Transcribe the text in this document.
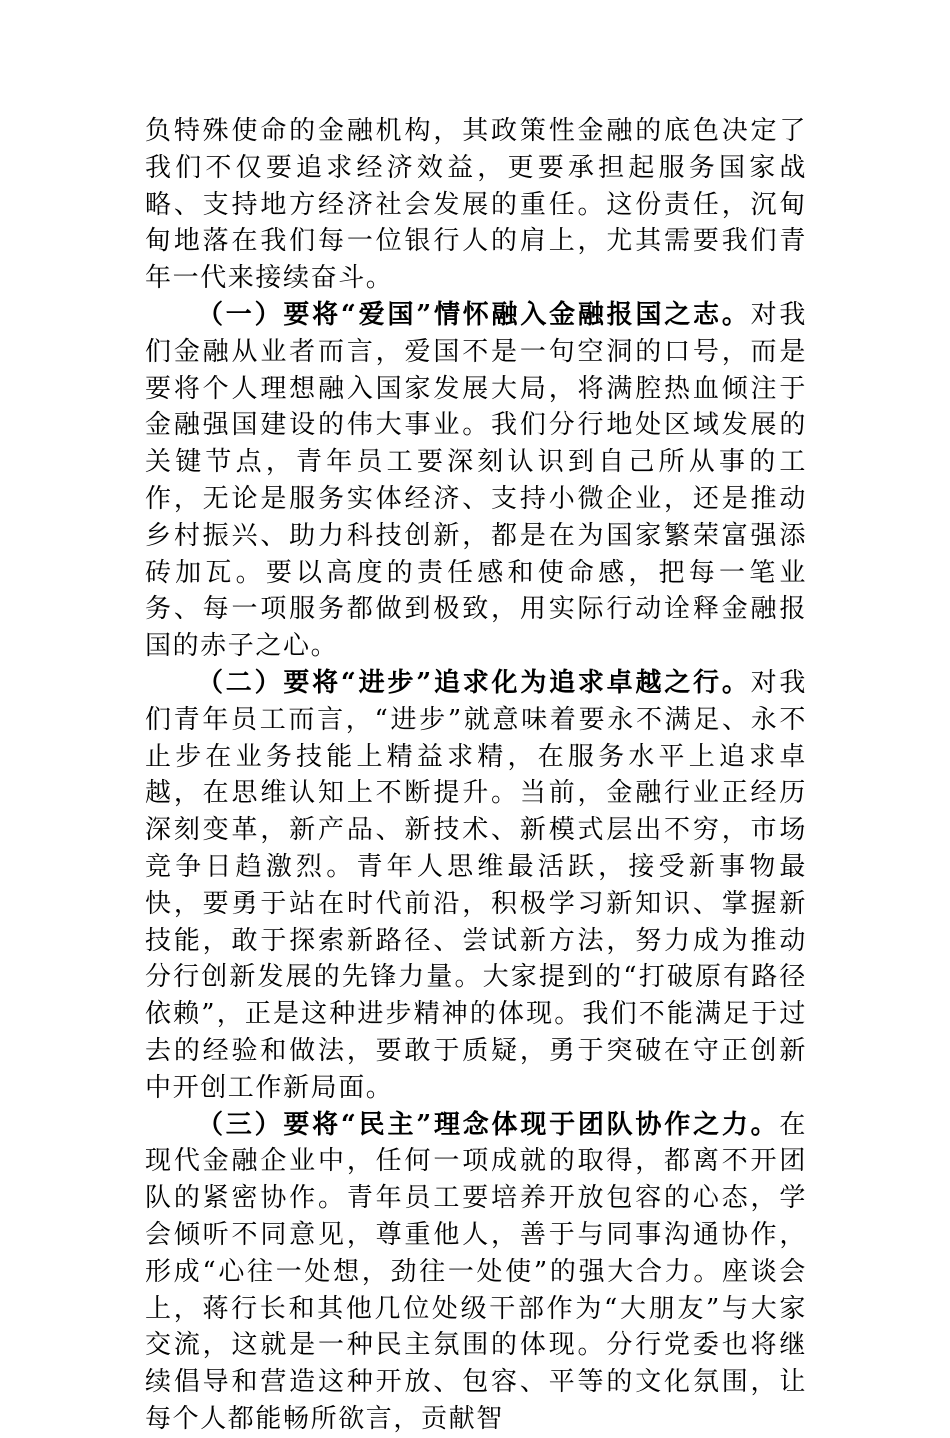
负特殊使命的金融机构，其政策性金融的底色决定了我们不仅要追求经济效益，更要承担起服务国家战略、支持地方经济社会发展的重任。这份责任，沉甸甸地落在我们每一位银行人的肩上，尤其需要我们青年一代来接续奋斗。

（一）要将“爱国”情怀融入金融报国之志。对我们金融从业者而言，爱国不是一句空洞的口号，而是要将个人理想融入国家发展大局，将满腔热血倾注于金融强国建设的伟大事业。我们分行地处区域发展的关键节点，青年员工要深刻认识到自己所从事的工作，无论是服务实体经济、支持小微企业，还是推动乡村振兴、助力科技创新，都是在为国家繁荣富强添砖加瓦。要以高度的责任感和使命感，把每一笔业务、每一项服务都做到极致，用实际行动诠释金融报国的赤子之心。

（二）要将“进步”追求化为追求卓越之行。对我们青年员工而言，“进步”就意味着要永不满足、永不止步在业务技能上精益求精，在服务水平上追求卓越，在思维认知上不断提升。当前，金融行业正经历深刻变革，新产品、新技术、新模式层出不穷，市场竞争日趋激烈。青年人思维最活跃，接受新事物最快，要勇于站在时代前沿，积极学习新知识、掌握新技能，敢于探索新路径、尝试新方法，努力成为推动分行创新发展的先锋力量。大家提到的“打破原有路径依赖”，正是这种进步精神的体现。我们不能满足于过去的经验和做法，要敢于质疑，勇于突破在守正创新中开创工作新局面。

（三）要将“民主”理念体现于团队协作之力。在现代金融企业中，任何一项成就的取得，都离不开团队的紧密协作。青年员工要培养开放包容的心态，学会倾听不同意见，尊重他人，善于与同事沟通协作，形成“心往一处想，劲往一处使”的强大合力。座谈会上，蒋行长和其他几位处级干部作为“大朋友”与大家交流，这就是一种民主氛围的体现。分行党委也将继续倡导和营造这种开放、包容、平等的文化氛围，让每个人都能畅所欲言，贡献智
